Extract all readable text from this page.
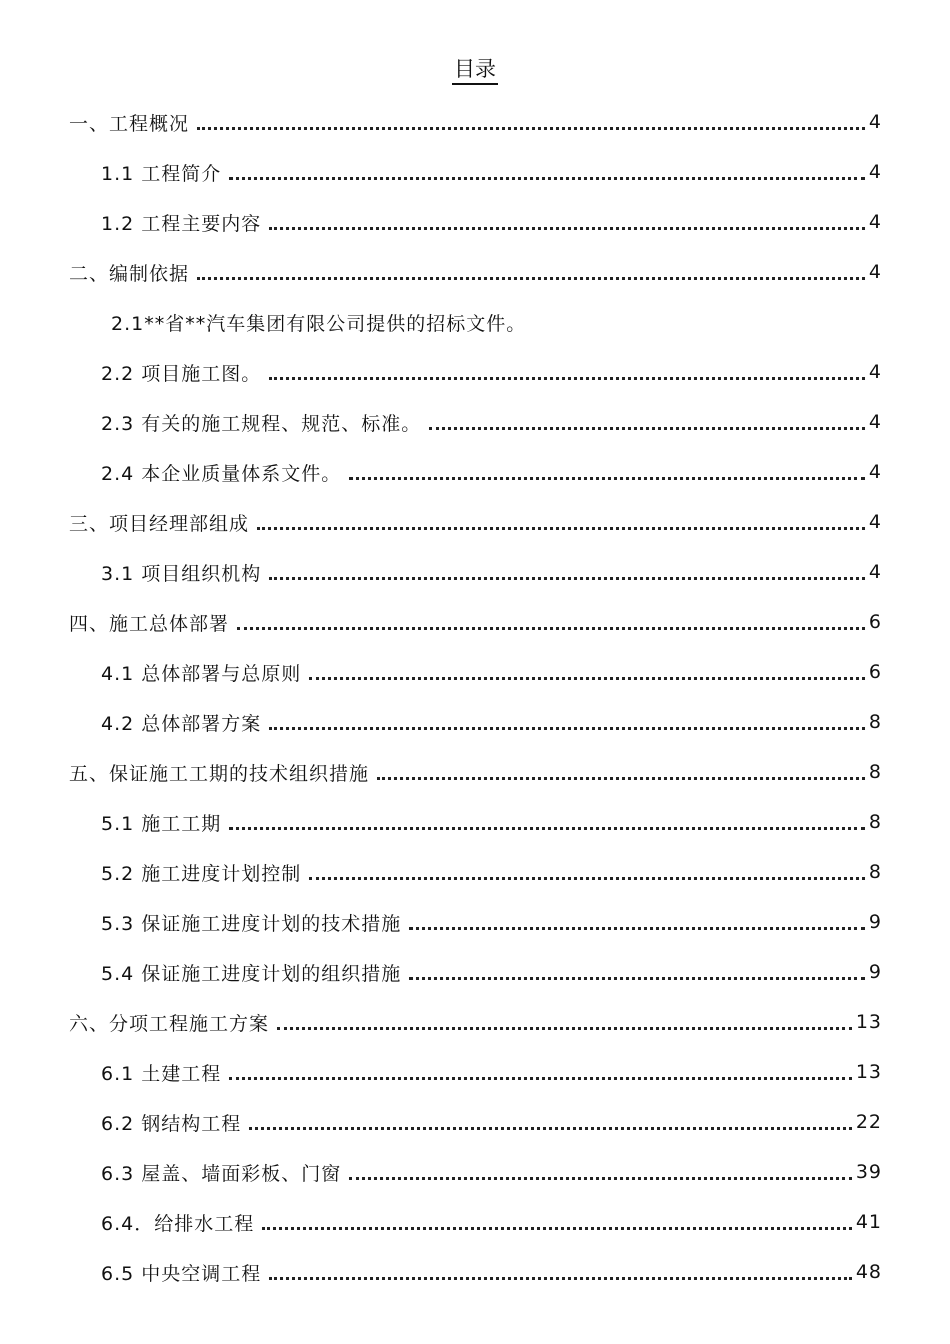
目录
一、工程概况	4
1.1 工程简介	4
1.2 工程主要内容	4
二、编制依据	4
2.1**省**汽车集团有限公司提供的招标文件。
2.2 项目施工图。	4
2.3 有关的施工规程、规范、标准。	4
2.4 本企业质量体系文件。	4
三、项目经理部组成	4
3.1 项目组织机构	4
四、施工总体部署	6
4.1 总体部署与总原则	6
4.2 总体部署方案	8
五、保证施工工期的技术组织措施	8
5.1 施工工期	8
5.2 施工进度计划控制	8
5.3 保证施工进度计划的技术措施	9
5.4 保证施工进度计划的组织措施	9
六、分项工程施工方案	13
6.1 土建工程	13
6.2 钢结构工程	22
6.3 屋盖、墙面彩板、门窗	39
6.4．给排水工程	41
6.5 中央空调工程	48
